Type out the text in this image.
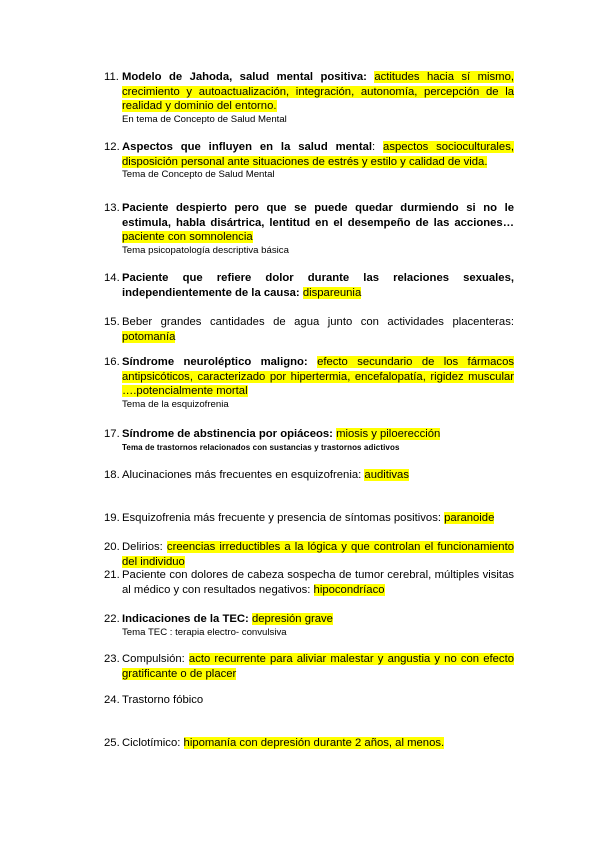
11. Modelo de Jahoda, salud mental positiva: actitudes hacia sí mismo, crecimiento y autoactualización, integración, autonomía, percepción de la realidad y dominio del entorno.
En tema de Concepto de Salud Mental
12. Aspectos que influyen en la salud mental: aspectos socioculturales, disposición personal ante situaciones de estrés y estilo y calidad de vida.
Tema de Concepto de Salud Mental
13. Paciente despierto pero que se puede quedar durmiendo si no le estimula, habla disártrica, lentitud en el desempeño de las acciones… paciente con somnolencia
Tema psicopatología descriptiva básica
14. Paciente que refiere dolor durante las relaciones sexuales, independientemente de la causa: dispareunia
15. Beber grandes cantidades de agua junto con actividades placenteras: potomanía
16. Síndrome neuroléptico maligno: efecto secundario de los fármacos antipsicóticos, caracterizado por hipertermia, encefalopatía, rigidez muscular ….potencialmente mortal
Tema de la esquizofrenia
17. Síndrome de abstinencia por opiáceos: miosis y piloerección
Tema de trastornos relacionados con sustancias y trastornos adictivos
18. Alucinaciones más frecuentes en esquizofrenia: auditivas
19. Esquizofrenia más frecuente y presencia de síntomas positivos: paranoide
20. Delirios: creencias irreductibles a la lógica y que controlan el funcionamiento del individuo
21. Paciente con dolores de cabeza sospecha de tumor cerebral, múltiples visitas al médico y con resultados negativos: hipocondríaco
22. Indicaciones de la TEC: depresión grave
Tema TEC : terapia electro- convulsiva
23. Compulsión: acto recurrente para aliviar malestar y angustia y no con efecto gratificante o de placer
24. Trastorno fóbico
25. Ciclotímico: hipomanía con depresión durante 2 años, al menos.
